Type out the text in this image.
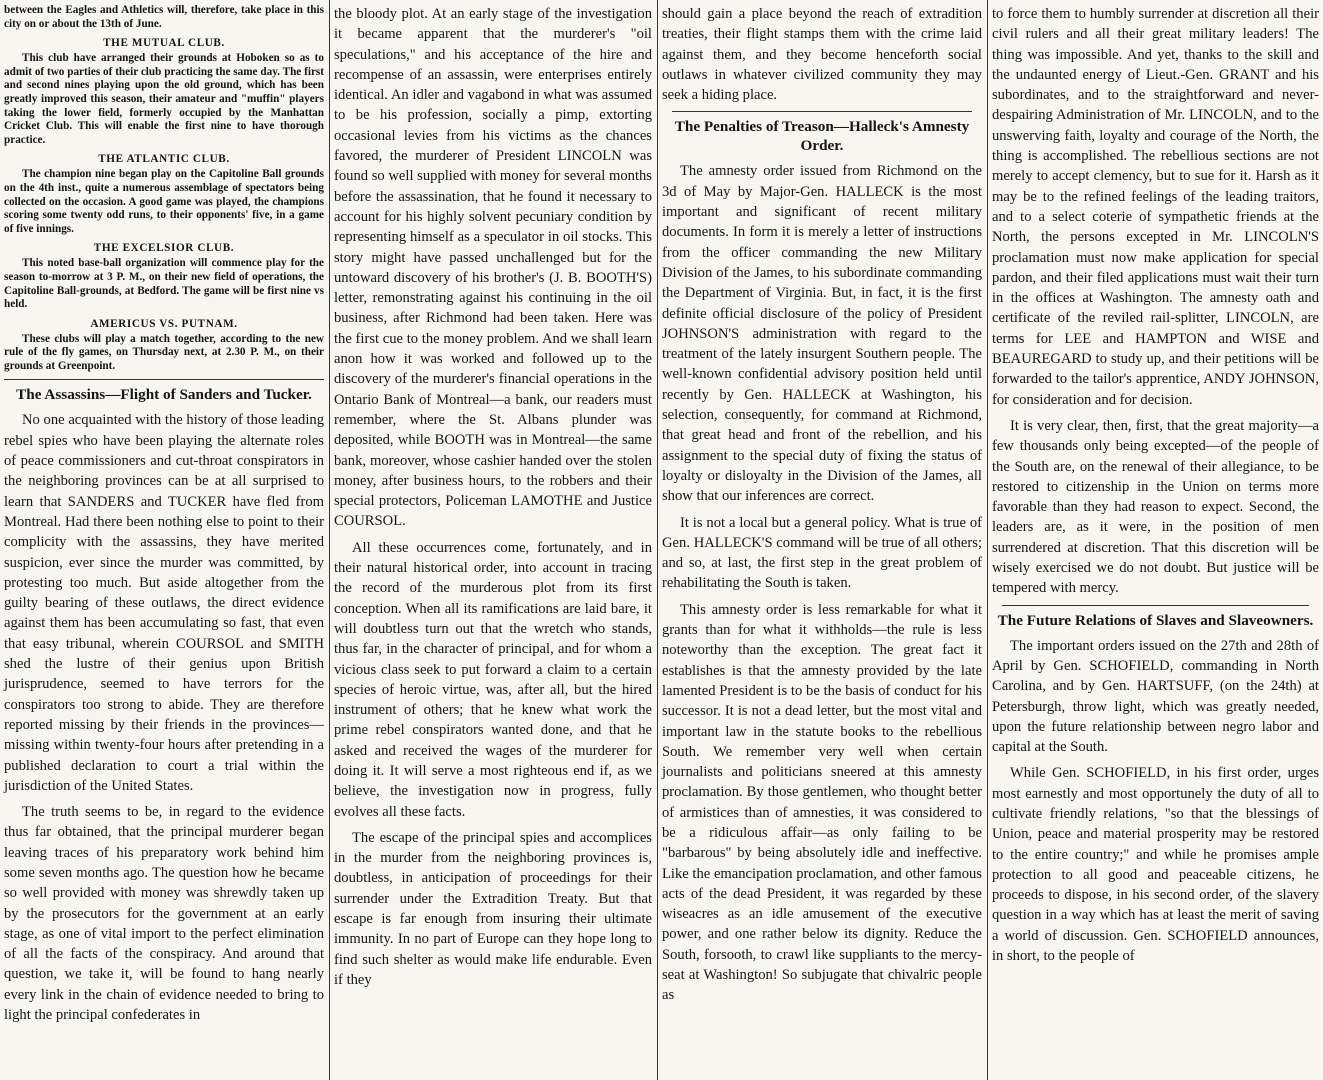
between the Eagles and Athletics will, therefore, take place in this city on or about the 13th of June.

THE MUTUAL CLUB.

This club have arranged their grounds at Hoboken so as to admit of two parties of their club practicing the same day. The first and second nines playing upon the old ground, which has been greatly improved this season, their amateur and "muffin" players taking the lower field, formerly occupied by the Manhattan Cricket Club. This will enable the first nine to have thorough practice.

THE ATLANTIC CLUB.

The champion nine began play on the Capitoline Ball grounds on the 4th inst., quite a numerous assemblage of spectators being collected on the occasion. A good game was played, the champions scoring some twenty odd runs, to their opponents' five, in a game of five innings.

THE EXCELSIOR CLUB.

This noted base-ball organization will commence play for the season to-morrow at 3 P. M., on their new field of operations, the Capitoline Ball-grounds, at Bedford. The game will be first nine vs held.

AMERICUS VS. PUTNAM.

These clubs will play a match together, according to the new rule of the fly games, on Thursday next, at 2.30 P. M., on their grounds at Greenpoint.

The Assassins—Flight of Sanders and Tucker.

No one acquainted with the history of those leading rebel spies who have been playing the alternate roles of peace commissioners and cut-throat conspirators in the neighboring provinces can be at all surprised to learn that SANDERS and TUCKER have fled from Montreal. Had there been nothing else to point to their complicity with the assassins, they have merited suspicion, ever since the murder was committed, by protesting too much. But aside altogether from the guilty bearing of these outlaws, the direct evidence against them has been accumulating so fast, that even that easy tribunal, wherein COURSOL and SMITH shed the lustre of their genius upon British jurisprudence, seemed to have terrors for the conspirators too strong to abide. They are therefore reported missing by their friends in the provinces—missing within twenty-four hours after pretending in a published declaration to court a trial within the jurisdiction of the United States.

The truth seems to be, in regard to the evidence thus far obtained, that the principal murderer began leaving traces of his preparatory work behind him some seven months ago. The question how he became so well provided with money was shrewdly taken up by the prosecutors for the government at an early stage, as one of vital import to the perfect elimination of all the facts of the conspiracy. And around that question, we take it, will be found to hang nearly every link in the chain of evidence needed to bring to light the principal confederates in

the bloody plot. At an early stage of the investigation it became apparent that the murderer's "oil speculations," and his acceptance of the hire and recompense of an assassin, were enterprises entirely identical. An idler and vagabond in what was assumed to be his profession, socially a pimp, extorting occasional levies from his victims as the chances favored, the murderer of President LINCOLN was found so well supplied with money for several months before the assassination, that he found it necessary to account for his highly solvent pecuniary condition by representing himself as a speculator in oil stocks. This story might have passed unchallenged but for the untoward discovery of his brother's (J. B. BOOTH'S) letter, remonstrating against his continuing in the oil business, after Richmond had been taken. Here was the first cue to the money problem. And we shall learn anon how it was worked and followed up to the discovery of the murderer's financial operations in the Ontario Bank of Montreal—a bank, our readers must remember, where the St. Albans plunder was deposited, while BOOTH was in Montreal—the same bank, moreover, whose cashier handed over the stolen money, after business hours, to the robbers and their special protectors, Policeman LAMOTHE and Justice COURSOL.

All these occurrences come, fortunately, and in their natural historical order, into account in tracing the record of the murderous plot from its first conception. When all its ramifications are laid bare, it will doubtless turn out that the wretch who stands, thus far, in the character of principal, and for whom a vicious class seek to put forward a claim to a certain species of heroic virtue, was, after all, but the hired instrument of others; that he knew what work the prime rebel conspirators wanted done, and that he asked and received the wages of the murderer for doing it. It will serve a most righteous end if, as we believe, the investigation now in progress, fully evolves all these facts.

The escape of the principal spies and accomplices in the murder from the neighboring provinces is, doubtless, in anticipation of proceedings for their surrender under the Extradition Treaty. But that escape is far enough from insuring their ultimate immunity. In no part of Europe can they hope long to find such shelter as would make life endurable. Even if they

should gain a place beyond the reach of extradition treaties, their flight stamps them with the crime laid against them, and they become henceforth social outlaws in whatever civilized community they may seek a hiding place.

The Penalties of Treason—Halleck's Amnesty Order.

The amnesty order issued from Richmond on the 3d of May by Major-Gen. HALLECK is the most important and significant of recent military documents. In form it is merely a letter of instructions from the officer commanding the new Military Division of the James, to his subordinate commanding the Department of Virginia. But, in fact, it is the first definite official disclosure of the policy of President JOHNSON'S administration with regard to the treatment of the lately insurgent Southern people. The well-known confidential advisory position held until recently by Gen. HALLECK at Washington, his selection, consequently, for command at Richmond, that great head and front of the rebellion, and his assignment to the special duty of fixing the status of loyalty or disloyalty in the Division of the James, all show that our inferences are correct.

It is not a local but a general policy. What is true of Gen. HALLECK'S command will be true of all others; and so, at last, the first step in the great problem of rehabilitating the South is taken.

This amnesty order is less remarkable for what it grants than for what it withholds—the rule is less noteworthy than the exception. The great fact it establishes is that the amnesty provided by the late lamented President is to be the basis of conduct for his successor. It is not a dead letter, but the most vital and important law in the statute books to the rebellious South. We remember very well when certain journalists and politicians sneered at this amnesty proclamation. By those gentlemen, who thought better of armistices than of amnesties, it was considered to be a ridiculous affair—as only failing to be "barbarous" by being absolutely idle and ineffective. Like the emancipation proclamation, and other famous acts of the dead President, it was regarded by these wiseacres as an idle amusement of the executive power, and one rather below its dignity. Reduce the South, forsooth, to crawl like suppliants to the mercy-seat at Washington! So subjugate that chivalric people as

to force them to humbly surrender at discretion all their civil rulers and all their great military leaders! The thing was impossible. And yet, thanks to the skill and the undaunted energy of Lieut.-Gen. GRANT and his subordinates, and to the straightforward and never-despairing Administration of Mr. LINCOLN, and to the unswerving faith, loyalty and courage of the North, the thing is accomplished. The rebellious sections are not merely to accept clemency, but to sue for it. Harsh as it may be to the refined feelings of the leading traitors, and to a select coterie of sympathetic friends at the North, the persons excepted in Mr. LINCOLN'S proclamation must now make application for special pardon, and their filed applications must wait their turn in the offices at Washington. The amnesty oath and certificate of the reviled rail-splitter, LINCOLN, are terms for LEE and HAMPTON and WISE and BEAUREGARD to study up, and their petitions will be forwarded to the tailor's apprentice, ANDY JOHNSON, for consideration and for decision.

It is very clear, then, first, that the great majority—a few thousands only being excepted—of the people of the South are, on the renewal of their allegiance, to be restored to citizenship in the Union on terms more favorable than they had reason to expect. Second, the leaders are, as it were, in the position of men surrendered at discretion. That this discretion will be wisely exercised we do not doubt. But justice will be tempered with mercy.

The Future Relations of Slaves and Slaveowners.

The important orders issued on the 27th and 28th of April by Gen. SCHOFIELD, commanding in North Carolina, and by Gen. HARTSUFF, (on the 24th) at Petersburgh, throw light, which was greatly needed, upon the future relationship between negro labor and capital at the South.

While Gen. SCHOFIELD, in his first order, urges most earnestly and most opportunely the duty of all to cultivate friendly relations, "so that the blessings of Union, peace and material prosperity may be restored to the entire country;" and while he promises ample protection to all good and peaceable citizens, he proceeds to dispose, in his second order, of the slavery question in a way which has at least the merit of saving a world of discussion. Gen. SCHOFIELD announces, in short, to the people of
